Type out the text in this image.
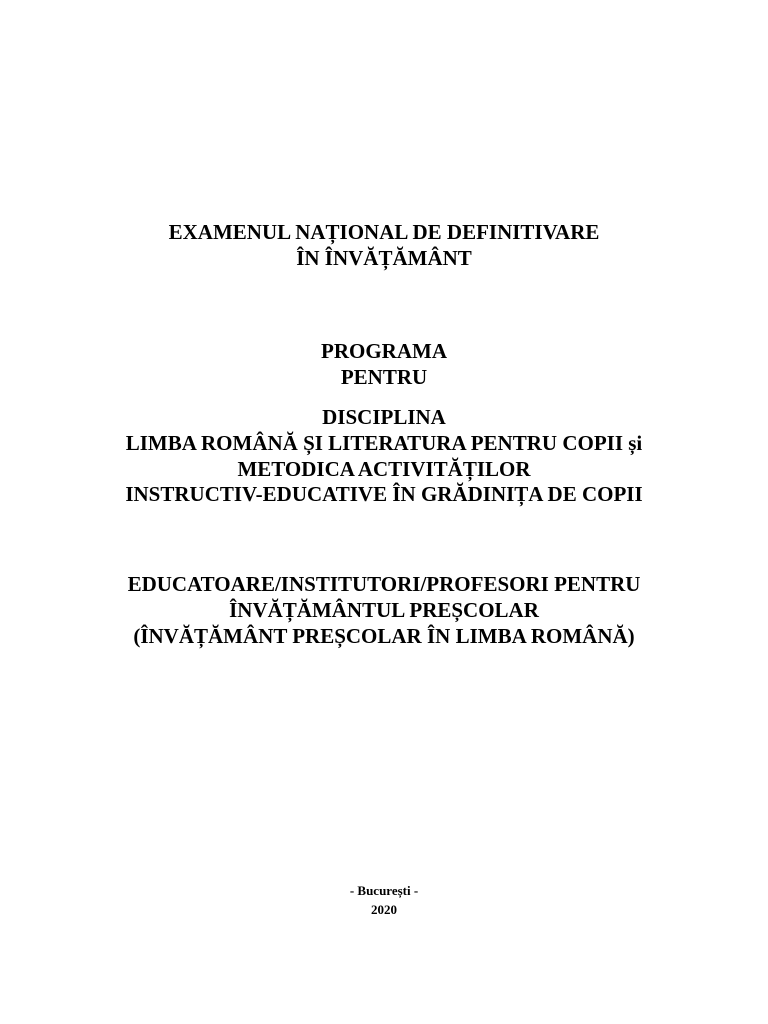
EXAMENUL NAȚIONAL DE DEFINITIVARE
ÎN ÎNVĂȚĂMÂNT
PROGRAMA
PENTRU
DISCIPLINA
LIMBA ROMÂNĂ ȘI LITERATURA PENTRU COPII și
METODICA ACTIVITĂȚILOR
INSTRUCTIV-EDUCATIVE ÎN GRĂDINIȚA DE COPII
EDUCATOARE/INSTITUTORI/PROFESORI PENTRU
ÎNVĂȚĂMÂNTUL PREȘCOLAR
(ÎNVĂȚĂMÂNT PREȘCOLAR ÎN LIMBA ROMÂNĂ)
- București -
2020
